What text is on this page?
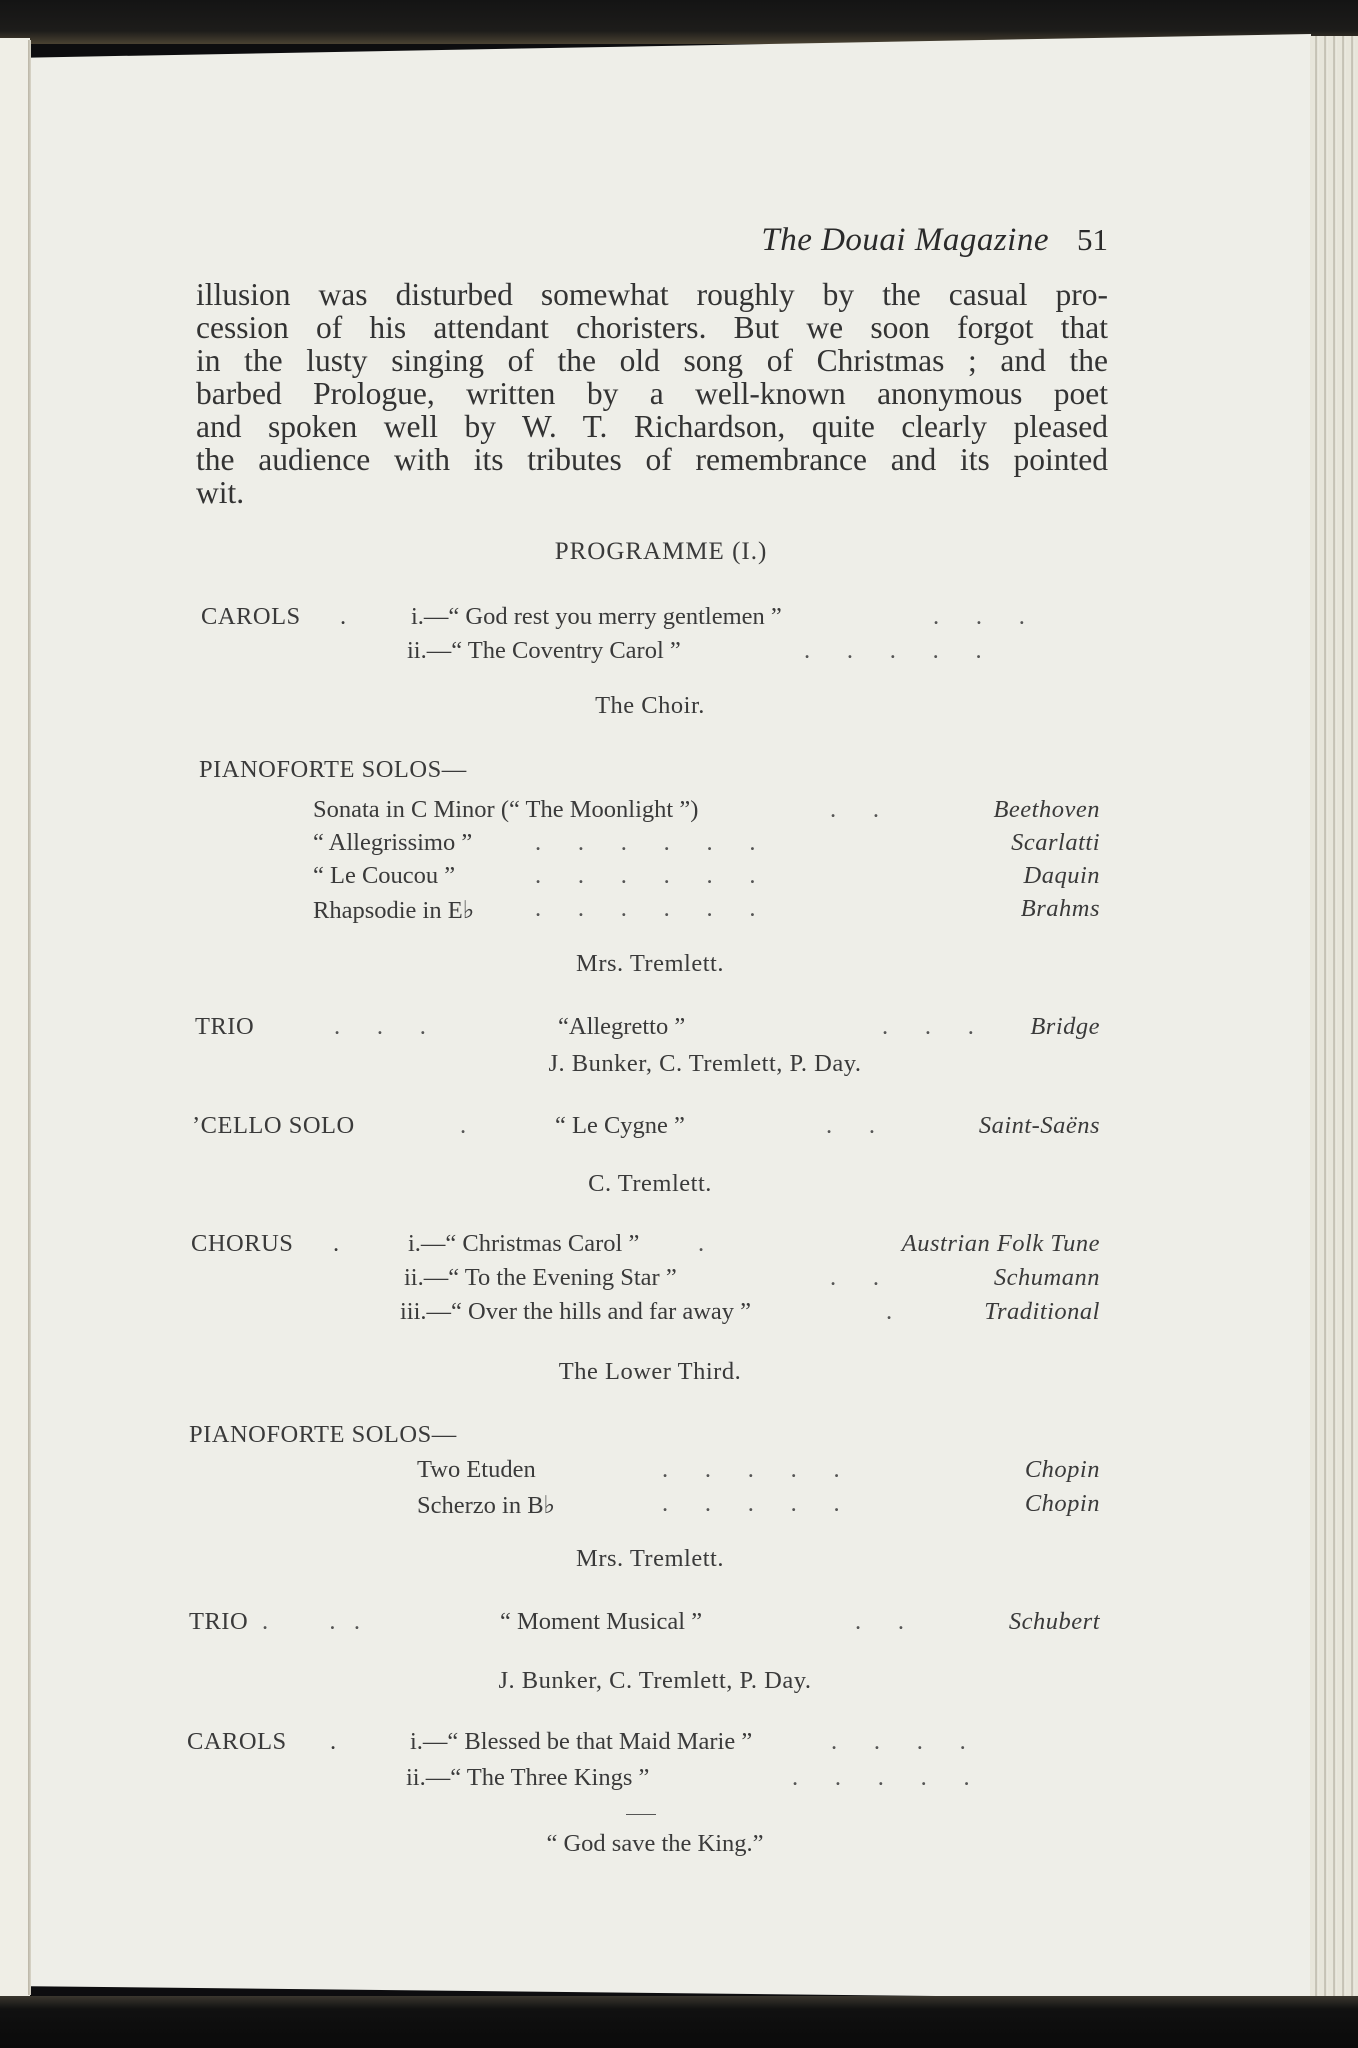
The Douai Magazine 51
illusion was disturbed somewhat roughly by the casual pro-
cession of his attendant choristers. But we soon forgot that
in the lusty singing of the old song of Christmas ; and the
barbed Prologue, written by a well-known anonymous poet
and spoken well by W. T. Richardson, quite clearly pleased
the audience with its tributes of remembrance and its pointed
wit.
PROGRAMME (I.)
CAROLS .	i.—“ God rest you merry gentlemen ”	.      .      .
ii.—“ The Coventry Carol ”	.      .      .      .      .
The Choir.
PIANOFORTE SOLOS—
Sonata in C Minor (“ The Moonlight ”)	.      .	Beethoven
“ Allegrissimo ”	.      .      .      .      .      .	Scarlatti
“ Le Coucou ”	.      .      .      .      .      .	Daquin
Rhapsodie in E♭ .      .      .      .      .      .	Brahms
Mrs. Tremlett.
TRIO	.      .      .	“Allegretto ”	.      .      . Bridge
J. Bunker, C. Tremlett, P. Day.
’CELLO SOLO	.	“ Le Cygne ”	.      .	Saint-Saëns
C. Tremlett.
CHORUS .	i.—“ Christmas Carol ” .	Austrian Folk Tune
ii.—“ To the Evening Star ”	.      .	Schumann
iii.—“ Over the hills and far away ”	.	Traditional
The Lower Third.
PIANOFORTE SOLOS—
Two Etuden	.      .      .      .      .	Chopin
Scherzo in B♭	.      .      .      .      .	Chopin
Mrs. Tremlett.
TRIO .          .   .	“ Moment Musical ”	.      .	Schubert
J. Bunker, C. Tremlett, P. Day.
CAROLS .	i.—“ Blessed be that Maid Marie ”	.      .      .      .
ii.—“ The Three Kings ”	.      .      .      .      .
“ God save the King.”
